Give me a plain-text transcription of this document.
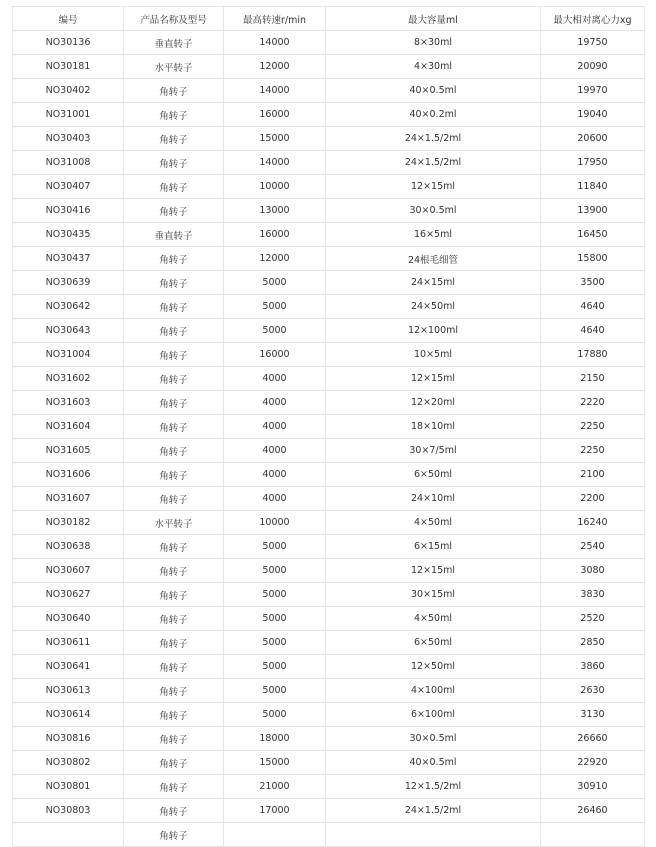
编号	产品名称及型号	最高转速r/min	最大容量ml	最大相对离心力xg
NO30136	垂直转子	14000	8×30ml	19750
NO30181	水平转子	12000	4×30ml	20090
NO30402	角转子	14000	40×0.5ml	19970
NO31001	角转子	16000	40×0.2ml	19040
NO30403	角转子	15000	24×1.5/2ml	20600
NO31008	角转子	14000	24×1.5/2ml	17950
NO30407	角转子	10000	12×15ml	11840
NO30416	角转子	13000	30×0.5ml	13900
NO30435	垂直转子	16000	16×5ml	16450
NO30437	角转子	12000	24根毛细管	15800
NO30639	角转子	5000	24×15ml	3500
NO30642	角转子	5000	24×50ml	4640
NO30643	角转子	5000	12×100ml	4640
NO31004	角转子	16000	10×5ml	17880
NO31602	角转子	4000	12×15ml	2150
NO31603	角转子	4000	12×20ml	2220
NO31604	角转子	4000	18×10ml	2250
NO31605	角转子	4000	30×7/5ml	2250
NO31606	角转子	4000	6×50ml	2100
NO31607	角转子	4000	24×10ml	2200
NO30182	水平转子	10000	4×50ml	16240
NO30638	角转子	5000	6×15ml	2540
NO30607	角转子	5000	12×15ml	3080
NO30627	角转子	5000	30×15ml	3830
NO30640	角转子	5000	4×50ml	2520
NO30611	角转子	5000	6×50ml	2850
NO30641	角转子	5000	12×50ml	3860
NO30613	角转子	5000	4×100ml	2630
NO30614	角转子	5000	6×100ml	3130
NO30816	角转子	18000	30×0.5ml	26660
NO30802	角转子	15000	40×0.5ml	22920
NO30801	角转子	21000	12×1.5/2ml	30910
NO30803	角转子	17000	24×1.5/2ml	26460
	角转子			
